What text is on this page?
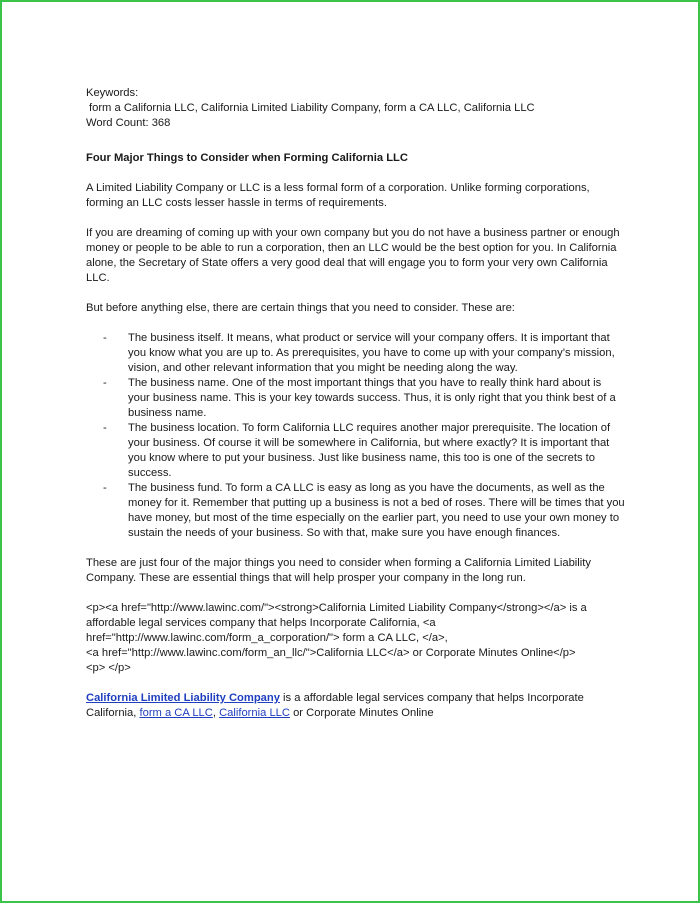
Keywords:

form a California LLC, California Limited Liability Company, form a CA LLC, California LLC

Word Count: 368

Four Major Things to Consider when Forming California LLC

A Limited Liability Company or LLC is a less formal form of a corporation. Unlike forming corporations, forming an LLC costs lesser hassle in terms of requirements.

If you are dreaming of coming up with your own company but you do not have a business partner or enough money or people to be able to run a corporation, then an LLC would be the best option for you. In California alone, the Secretary of State offers a very good deal that will engage you to form your very own California LLC.

But before anything else, there are certain things that you need to consider. These are:

- The business itself. It means, what product or service will your company offers. It is important that you know what you are up to. As prerequisites, you have to come up with your company’s mission, vision, and other relevant information that you might be needing along the way.
- The business name. One of the most important things that you have to really think hard about is your business name. This is your key towards success. Thus, it is only right that you think best of a business name.
- The business location. To form California LLC requires another major prerequisite. The location of your business. Of course it will be somewhere in California, but where exactly? It is important that you know where to put your business. Just like business name, this too is one of the secrets to success.
- The business fund. To form a CA LLC is easy as long as you have the documents, as well as the money for it. Remember that putting up a business is not a bed of roses. There will be times that you have money, but most of the time especially on the earlier part, you need to use your own money to sustain the needs of your business. So with that, make sure you have enough finances.

These are just four of the major things you need to consider when forming a California Limited Liability Company. These are essential things that will help prosper your company in the long run.

<p><a href="http://www.lawinc.com/"><strong>California Limited Liability Company</strong></a> is a affordable legal services company that helps Incorporate California, <a href="http://www.lawinc.com/form_a_corporation/"> form a CA LLC, </a>,

<a href="http://www.lawinc.com/form_an_llc/">California LLC</a> or Corporate Minutes Online</p>

<p> </p>

California Limited Liability Company is a affordable legal services company that helps Incorporate California, form a CA LLC, California LLC or Corporate Minutes Online
